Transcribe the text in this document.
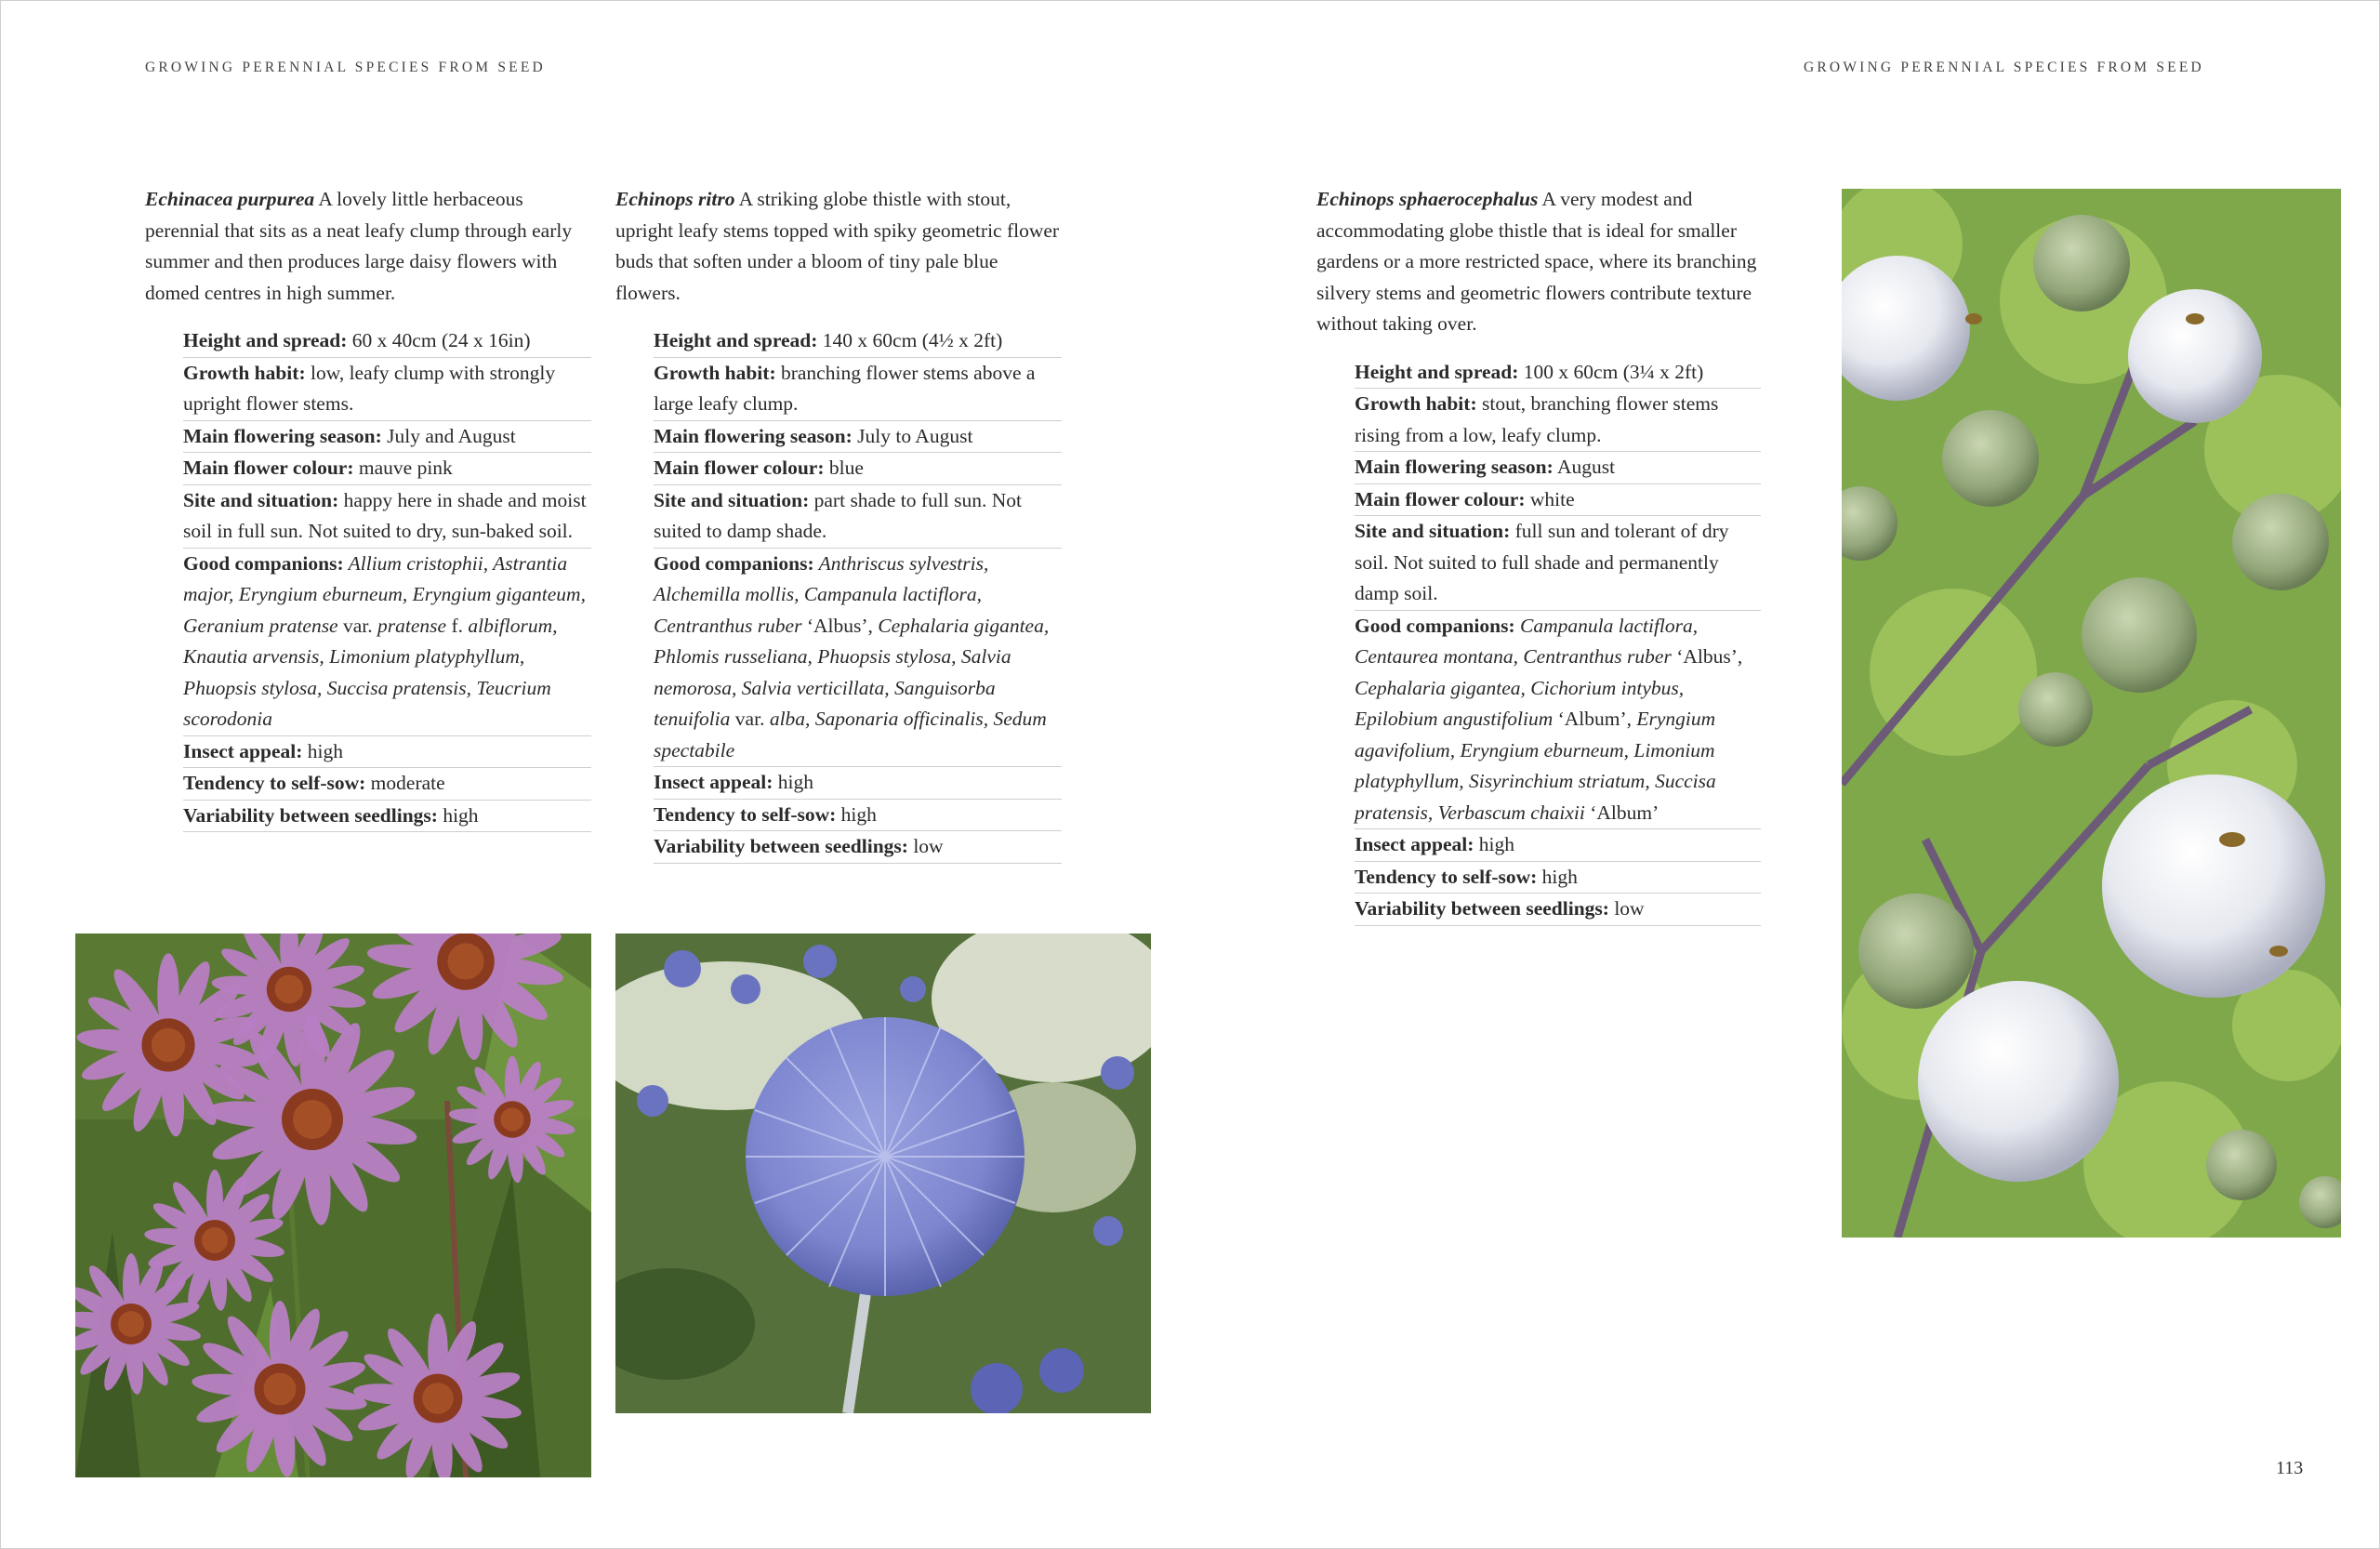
GROWING PERENNIAL SPECIES FROM SEED	GROWING PERENNIAL SPECIES FROM SEED

Echinacea purpurea A lovely little herbaceous perennial that sits as a neat leafy clump through early summer and then produces large daisy flowers with domed centres in high summer.

Height and spread: 60 x 40cm (24 x 16in)
Growth habit: low, leafy clump with strongly upright flower stems.
Main flowering season: July and August
Main flower colour: mauve pink
Site and situation: happy here in shade and moist soil in full sun. Not suited to dry, sun-baked soil.
Good companions: Allium cristophii, Astrantia major, Eryngium eburneum, Eryngium giganteum, Geranium pratense var. pratense f. albiflorum, Knautia arvensis, Limonium platyphyllum, Phuopsis stylosa, Succisa pratensis, Teucrium scorodonia
Insect appeal: high
Tendency to self-sow: moderate
Variability between seedlings: high

Echinops ritro A striking globe thistle with stout, upright leafy stems topped with spiky geometric flower buds that soften under a bloom of tiny pale blue flowers.

Height and spread: 140 x 60cm (4½ x 2ft)
Growth habit: branching flower stems above a large leafy clump.
Main flowering season: July to August
Main flower colour: blue
Site and situation: part shade to full sun. Not suited to damp shade.
Good companions: Anthriscus sylvestris, Alchemilla mollis, Campanula lactiflora, Centranthus ruber ‘Albus’, Cephalaria gigantea, Phlomis russeliana, Phuopsis stylosa, Salvia nemorosa, Salvia verticillata, Sanguisorba tenuifolia var. alba, Saponaria officinalis, Sedum spectabile
Insect appeal: high
Tendency to self-sow: high
Variability between seedlings: low

Echinops sphaerocephalus A very modest and accommodating globe thistle that is ideal for smaller gardens or a more restricted space, where its branching silvery stems and geometric flowers contribute texture without taking over.

Height and spread: 100 x 60cm (3¼ x 2ft)
Growth habit: stout, branching flower stems rising from a low, leafy clump.
Main flowering season: August
Main flower colour: white
Site and situation: full sun and tolerant of dry soil. Not suited to full shade and permanently damp soil.
Good companions: Campanula lactiflora, Centaurea montana, Centranthus ruber ‘Albus’, Cephalaria gigantea, Cichorium intybus, Epilobium angustifolium ‘Album’, Eryngium agavifolium, Eryngium eburneum, Limonium platyphyllum, Sisyrinchium striatum, Succisa pratensis, Verbascum chaixii ‘Album’
Insect appeal: high
Tendency to self-sow: high
Variability between seedlings: low
113
